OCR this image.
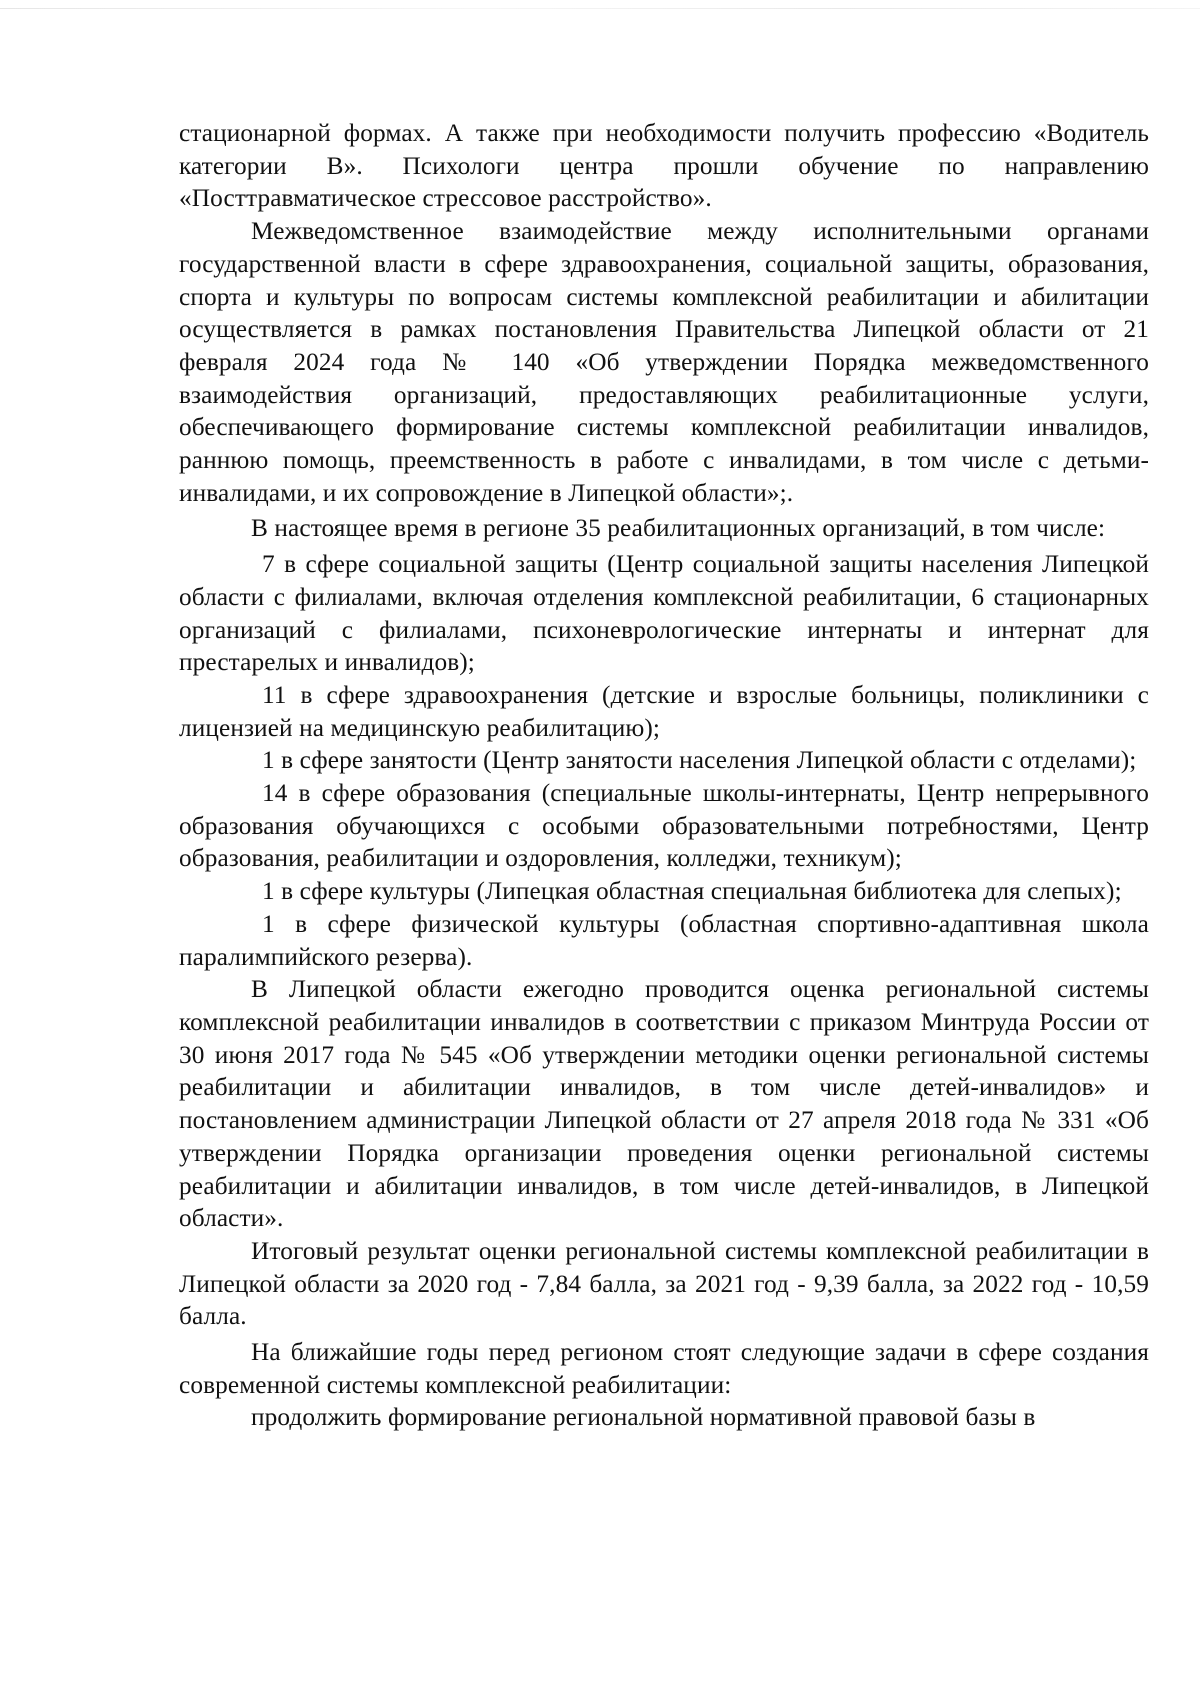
стационарной формах. А также при необходимости получить профессию «Водитель категории В». Психологи центра прошли обучение по направлению «Посттравматическое стрессовое расстройство».

Межведомственное взаимодействие между исполнительными органами государственной власти в сфере здравоохранения, социальной защиты, образования, спорта и культуры по вопросам системы комплексной реабилитации и абилитации осуществляется в рамках постановления Правительства Липецкой области от 21 февраля 2024 года № 140 «Об утверждении Порядка межведомственного взаимодействия организаций, предоставляющих реабилитационные услуги, обеспечивающего формирование системы комплексной реабилитации инвалидов, раннюю помощь, преемственность в работе с инвалидами, в том числе с детьми-инвалидами, и их сопровождение в Липецкой области»;.

В настоящее время в регионе 35 реабилитационных организаций, в том числе:

7 в сфере социальной защиты (Центр социальной защиты населения Липецкой области с филиалами, включая отделения комплексной реабилитации, 6 стационарных организаций с филиалами, психоневрологические интернаты и интернат для престарелых и инвалидов);

11 в сфере здравоохранения (детские и взрослые больницы, поликлиники с лицензией на медицинскую реабилитацию);

1 в сфере занятости (Центр занятости населения Липецкой области с отделами);

14 в сфере образования (специальные школы-интернаты, Центр непрерывного образования обучающихся с особыми образовательными потребностями, Центр образования, реабилитации и оздоровления, колледжи, техникум);

1 в сфере культуры (Липецкая областная специальная библиотека для слепых);

1 в сфере физической культуры (областная спортивно-адаптивная школа паралимпийского резерва).

В Липецкой области ежегодно проводится оценка региональной системы комплексной реабилитации инвалидов в соответствии с приказом Минтруда России от 30 июня 2017 года № 545 «Об утверждении методики оценки региональной системы реабилитации и абилитации инвалидов, в том числе детей-инвалидов» и постановлением администрации Липецкой области от 27 апреля 2018 года № 331 «Об утверждении Порядка организации проведения оценки региональной системы реабилитации и абилитации инвалидов, в том числе детей-инвалидов, в Липецкой области».

Итоговый результат оценки региональной системы комплексной реабилитации в Липецкой области за 2020 год - 7,84 балла, за 2021 год - 9,39 балла, за 2022 год - 10,59 балла.

На ближайшие годы перед регионом стоят следующие задачи в сфере создания современной системы комплексной реабилитации:

продолжить формирование региональной нормативной правовой базы в
